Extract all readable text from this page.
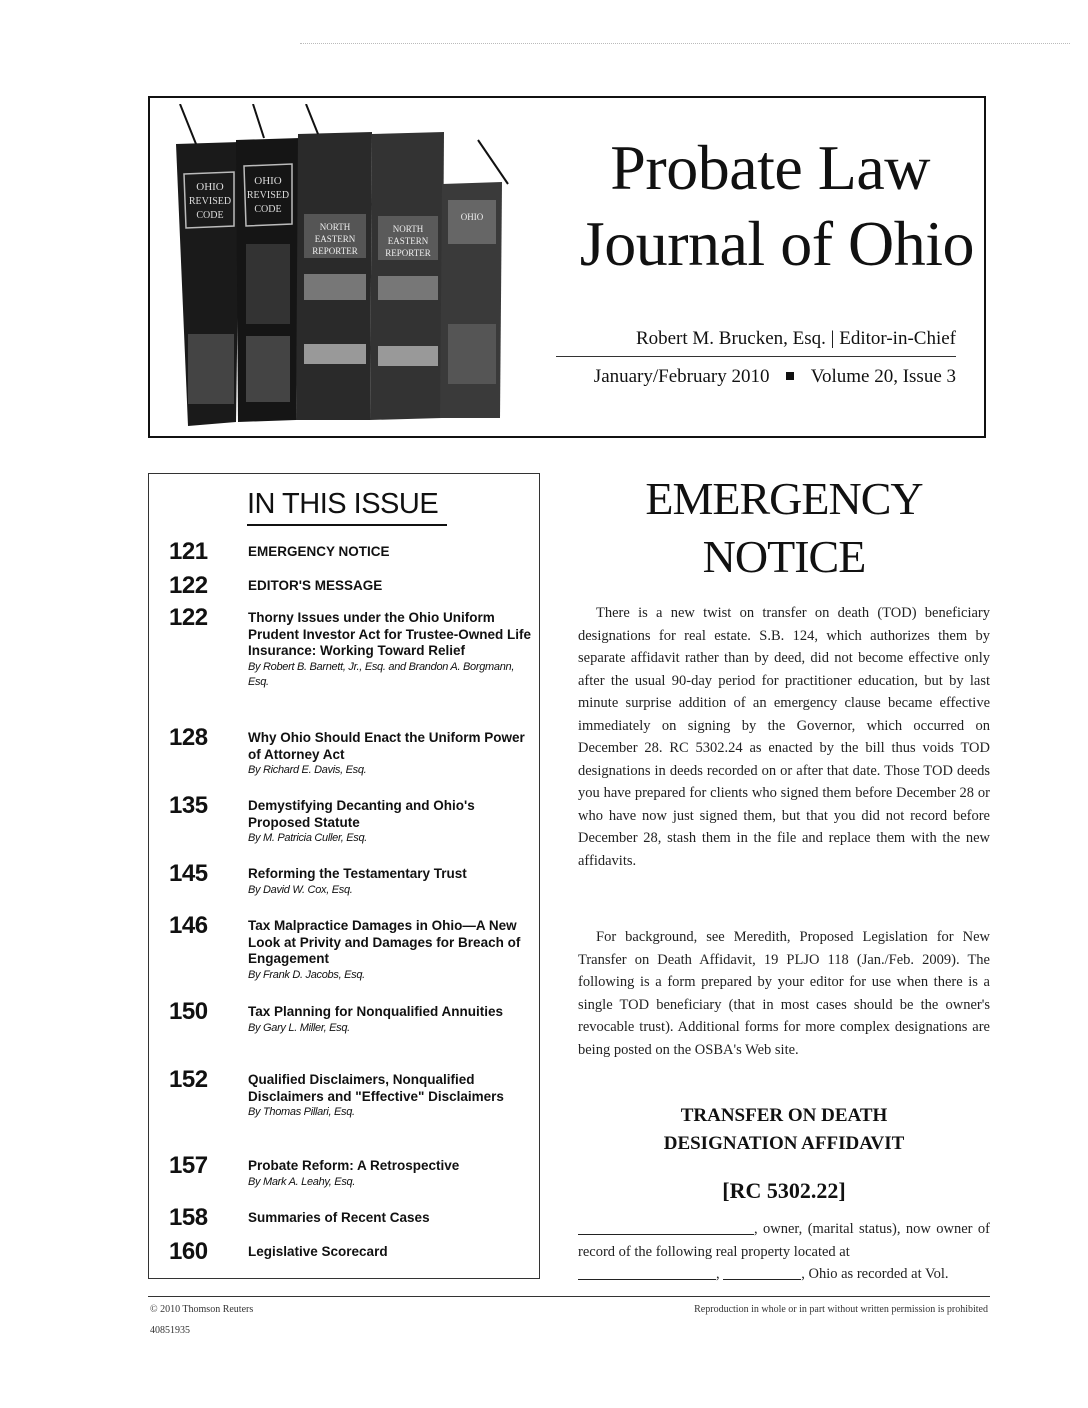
OHIO
REVISED
CODE
OHIO
REVISED
CODE
NORTH
EASTERN
REPORTER
NORTH
EASTERN
REPORTER
OHIO
Probate Law
Journal of Ohio
Robert M. Brucken, Esq. | Editor-in-Chief
January/February 2010 Volume 20, Issue 3
IN THIS ISSUE
121	EMERGENCY NOTICE
122	EDITOR'S MESSAGE
122	Thorny Issues under the Ohio Uniform Prudent Investor Act for Trustee-Owned Life Insurance: Working Toward Relief
By Robert B. Barnett, Jr., Esq. and Brandon A. Borgmann, Esq.
128	Why Ohio Should Enact the Uniform Power of Attorney Act
By Richard E. Davis, Esq.
135	Demystifying Decanting and Ohio's Proposed Statute
By M. Patricia Culler, Esq.
145	Reforming the Testamentary Trust
By David W. Cox, Esq.
146	Tax Malpractice Damages in Ohio—A New Look at Privity and Damages for Breach of Engagement
By Frank D. Jacobs, Esq.
150	Tax Planning for Nonqualified Annuities
By Gary L. Miller, Esq.
152	Qualified Disclaimers, Nonqualified Disclaimers and "Effective" Disclaimers
By Thomas Pillari, Esq.
157	Probate Reform: A Retrospective
By Mark A. Leahy, Esq.
158	Summaries of Recent Cases
160	Legislative Scorecard
EMERGENCY
NOTICE

There is a new twist on transfer on death (TOD) beneficiary designations for real estate. S.B. 124, which authorizes them by separate affidavit rather than by deed, did not become effective only after the usual 90-day period for practitioner education, but by last minute surprise addition of an emergency clause became effective immediately on signing by the Governor, which occurred on December 28. RC 5302.24 as enacted by the bill thus voids TOD designations in deeds recorded on or after that date. Those TOD deeds you have prepared for clients who signed them before December 28 or who have now just signed them, but that you did not record before December 28, stash them in the file and replace them with the new affidavits.

For background, see Meredith, Proposed Legislation for New Transfer on Death Affidavit, 19 PLJO 118 (Jan./Feb. 2009). The following is a form prepared by your editor for use when there is a single TOD beneficiary (that in most cases should be the owner's revocable trust). Additional forms for more complex designations are being posted on the OSBA's Web site.

TRANSFER ON DEATH
DESIGNATION AFFIDAVIT
[RC 5302.22]
, owner, (marital status), now owner of record of the following real property located at
,	, Ohio as recorded at Vol.
© 2010 Thomson Reuters	Reproduction in whole or in part without written permission is prohibited
40851935
